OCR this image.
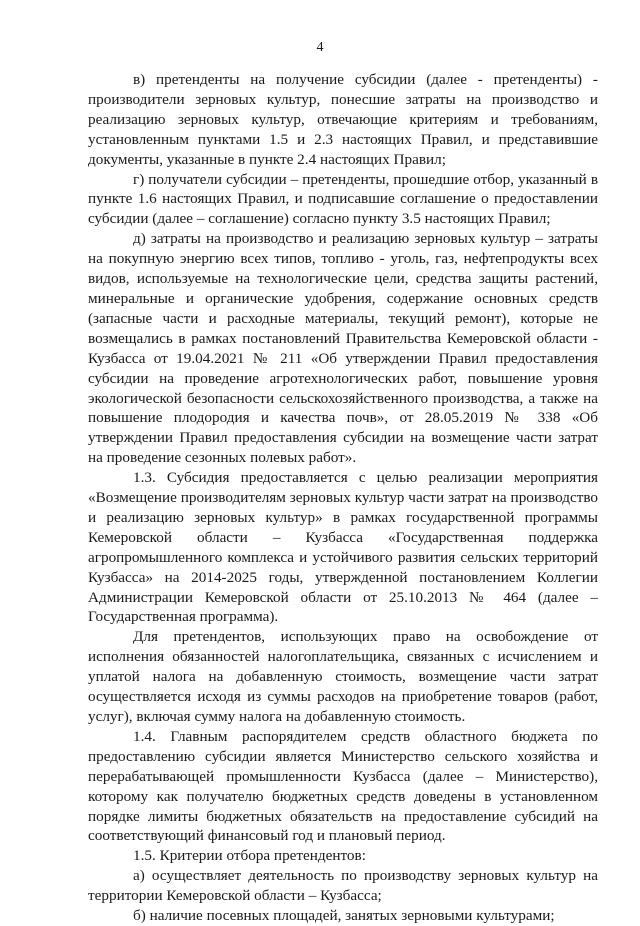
4

в) претенденты на получение субсидии (далее - претенденты) - производители зерновых культур, понесшие затраты на производство и реализацию зерновых культур, отвечающие критериям и требованиям, установленным пунктами 1.5 и 2.3 настоящих Правил, и представившие документы, указанные в пункте 2.4 настоящих Правил;

г) получатели субсидии – претенденты, прошедшие отбор, указанный в пункте 1.6 настоящих Правил, и подписавшие соглашение о предоставлении субсидии (далее – соглашение) согласно пункту 3.5 настоящих Правил;

д) затраты на производство и реализацию зерновых культур – затраты на покупную энергию всех типов, топливо - уголь, газ, нефтепродукты всех видов, используемые на технологические цели, средства защиты растений, минеральные и органические удобрения, содержание основных средств (запасные части и расходные материалы, текущий ремонт), которые не возмещались в рамках постановлений Правительства Кемеровской области - Кузбасса от 19.04.2021 № 211 «Об утверждении Правил предоставления субсидии на проведение агротехнологических работ, повышение уровня экологической безопасности сельскохозяйственного производства, а также на повышение плодородия и качества почв», от 28.05.2019 № 338 «Об утверждении Правил предоставления субсидии на возмещение части затрат на проведение сезонных полевых работ».

1.3. Субсидия предоставляется с целью реализации мероприятия «Возмещение производителям зерновых культур части затрат на производство и реализацию зерновых культур» в рамках государственной программы Кемеровской области – Кузбасса «Государственная поддержка агропромышленного комплекса и устойчивого развития сельских территорий Кузбасса» на 2014-2025 годы, утвержденной постановлением Коллегии Администрации Кемеровской области от 25.10.2013 № 464 (далее – Государственная программа).

Для претендентов, использующих право на освобождение от исполнения обязанностей налогоплательщика, связанных с исчислением и уплатой налога на добавленную стоимость, возмещение части затрат осуществляется исходя из суммы расходов на приобретение товаров (работ, услуг), включая сумму налога на добавленную стоимость.

1.4. Главным распорядителем средств областного бюджета по предоставлению субсидии является Министерство сельского хозяйства и перерабатывающей промышленности Кузбасса (далее – Министерство), которому как получателю бюджетных средств доведены в установленном порядке лимиты бюджетных обязательств на предоставление субсидий на соответствующий финансовый год и плановый период.

1.5. Критерии отбора претендентов:

а) осуществляет деятельность по производству зерновых культур на территории Кемеровской области – Кузбасса;

б) наличие посевных площадей, занятых зерновыми культурами;
